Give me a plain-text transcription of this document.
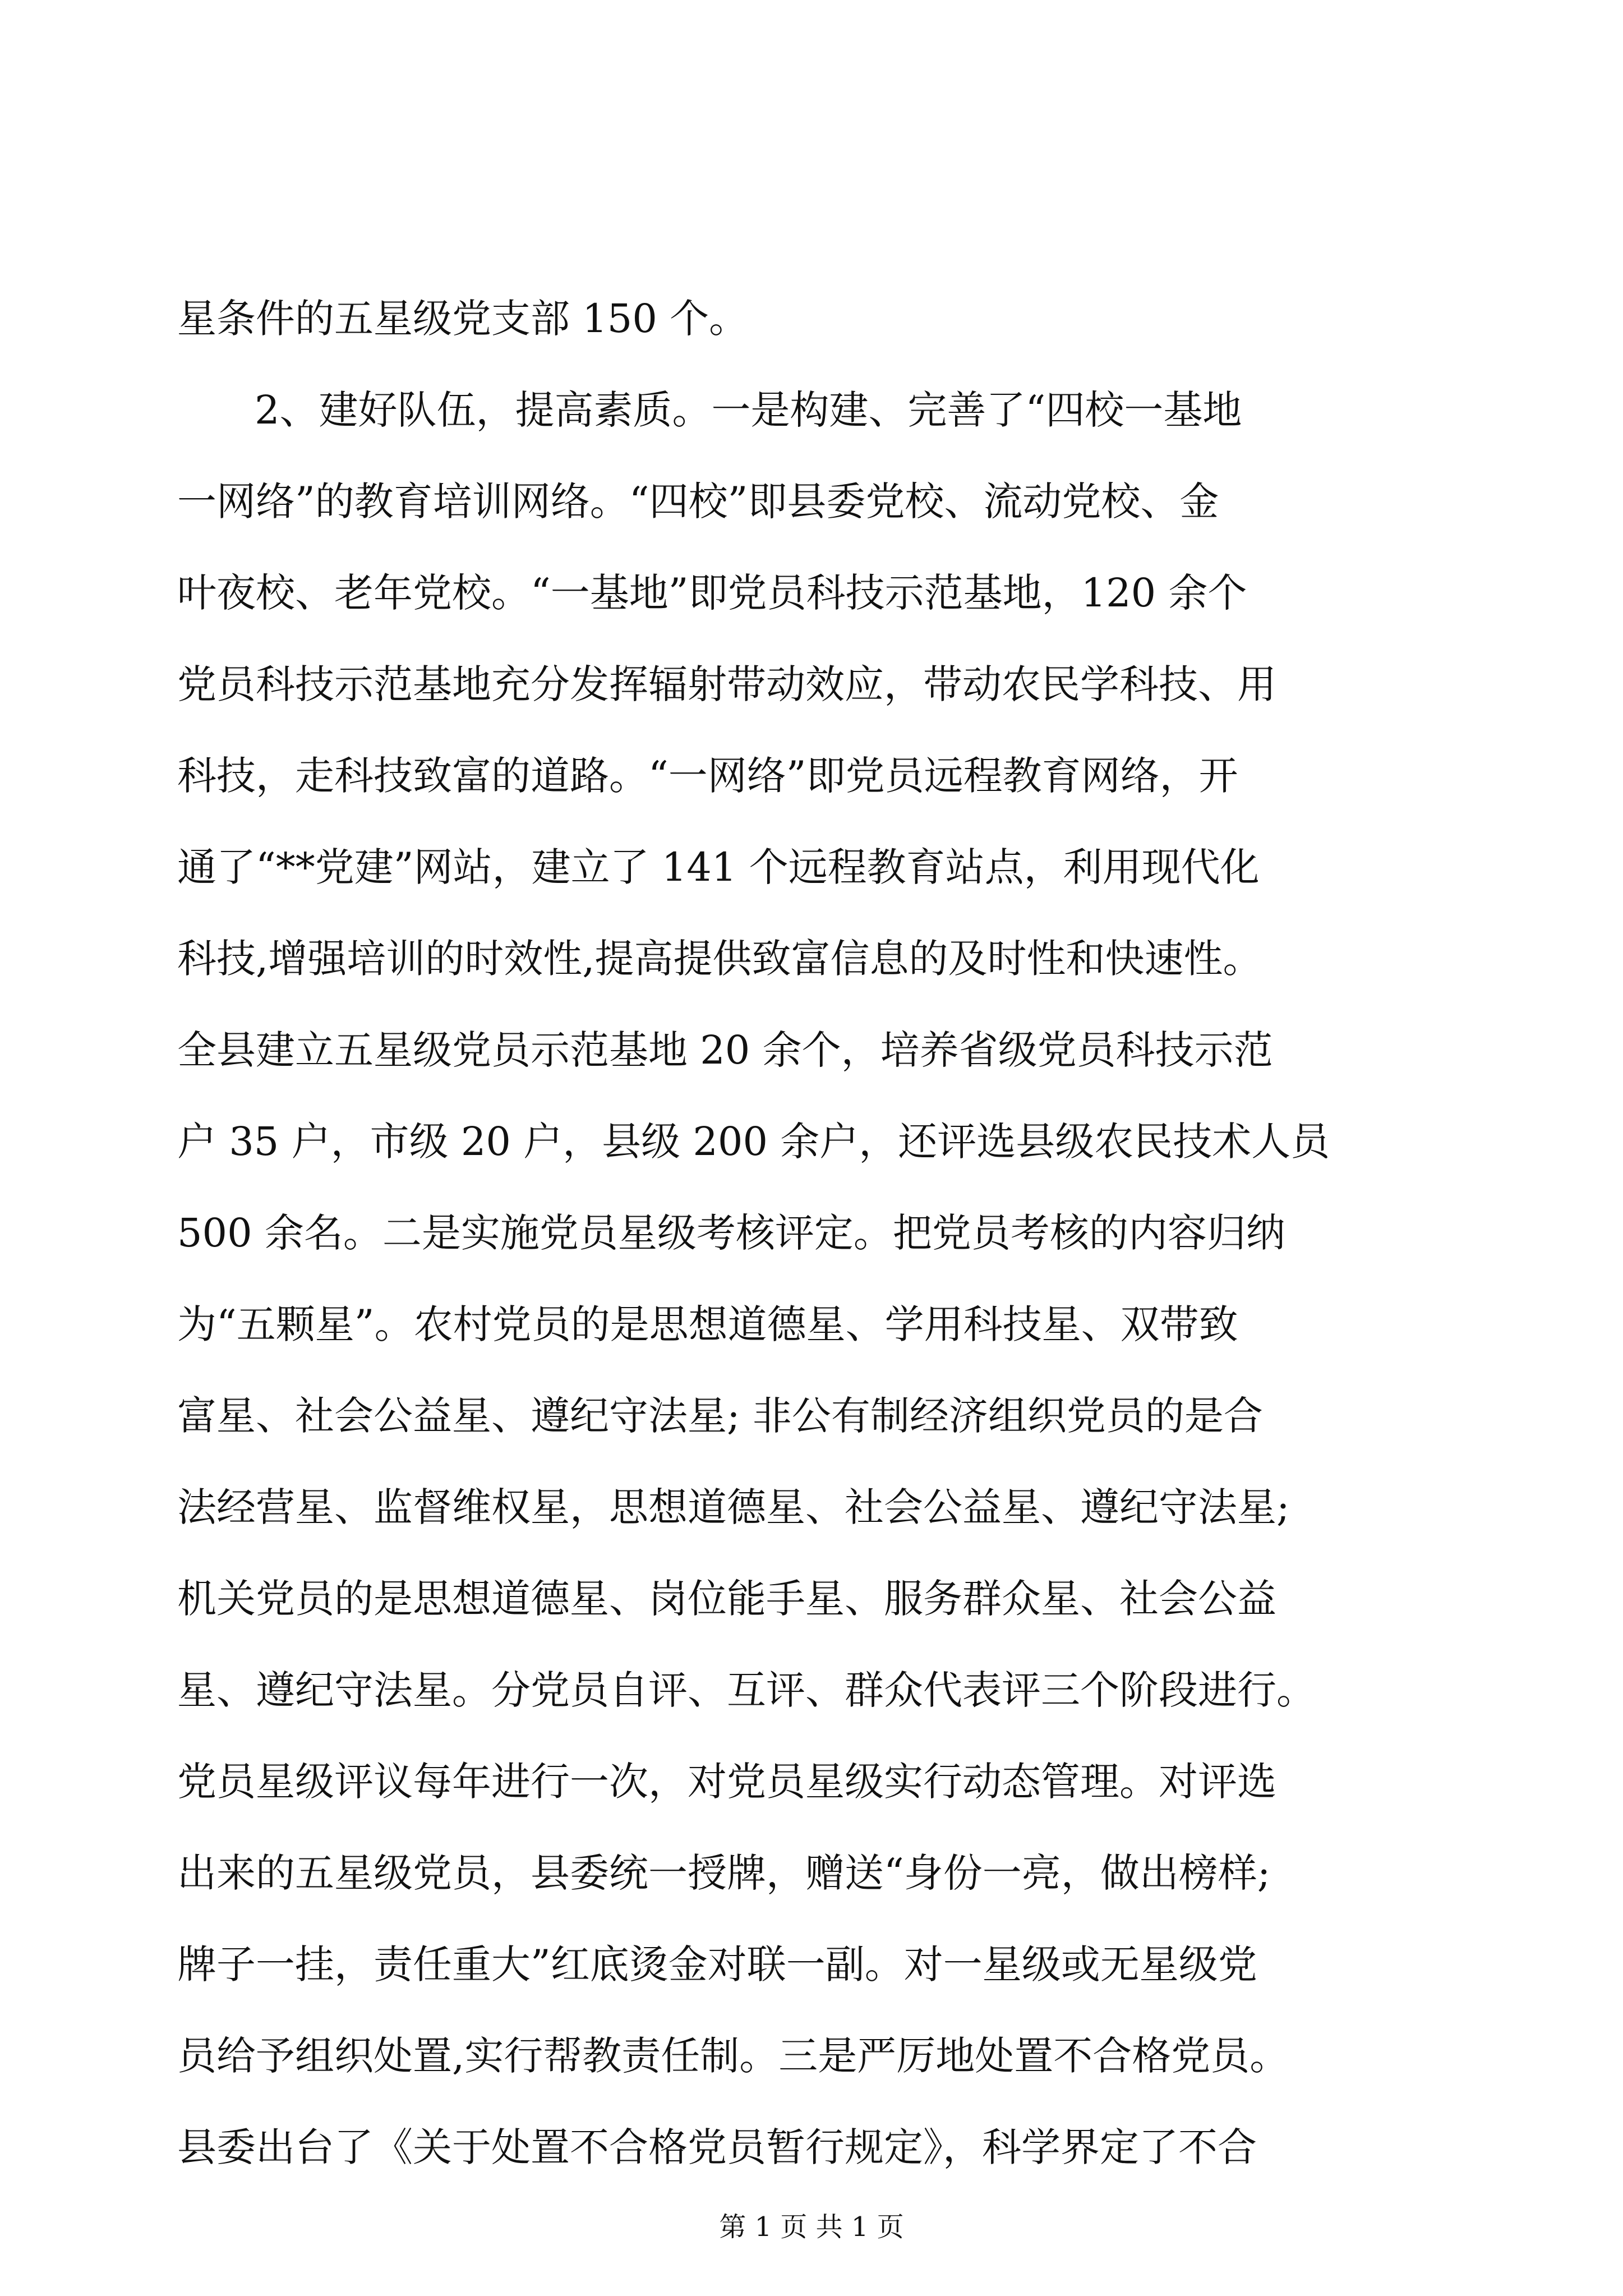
星条件的五星级党支部 150 个。
2、建好队伍，提高素质。一是构建、完善了“四校一基地
一网络”的教育培训网络。“四校”即县委党校、流动党校、金
叶夜校、老年党校。“一基地”即党员科技示范基地，120 余个
党员科技示范基地充分发挥辐射带动效应，带动农民学科技、用
科技，走科技致富的道路。“一网络”即党员远程教育网络，开
通了“**党建”网站，建立了 141 个远程教育站点，利用现代化
科技,增强培训的时效性,提高提供致富信息的及时性和快速性。
全县建立五星级党员示范基地 20 余个，培养省级党员科技示范
户 35 户，市级 20 户，县级 200 余户，还评选县级农民技术人员
500 余名。二是实施党员星级考核评定。把党员考核的内容归纳
为“五颗星”。农村党员的是思想道德星、学用科技星、双带致
富星、社会公益星、遵纪守法星; 非公有制经济组织党员的是合
法经营星、监督维权星，思想道德星、社会公益星、遵纪守法星;
机关党员的是思想道德星、岗位能手星、服务群众星、社会公益
星、遵纪守法星。分党员自评、互评、群众代表评三个阶段进行。
党员星级评议每年进行一次，对党员星级实行动态管理。对评选
出来的五星级党员，县委统一授牌，赠送“身份一亮，做出榜样;
牌子一挂，责任重大”红底烫金对联一副。对一星级或无星级党
员给予组织处置,实行帮教责任制。三是严厉地处置不合格党员。
县委出台了《关于处置不合格党员暂行规定》，科学界定了不合
第 1 页 共 1 页
